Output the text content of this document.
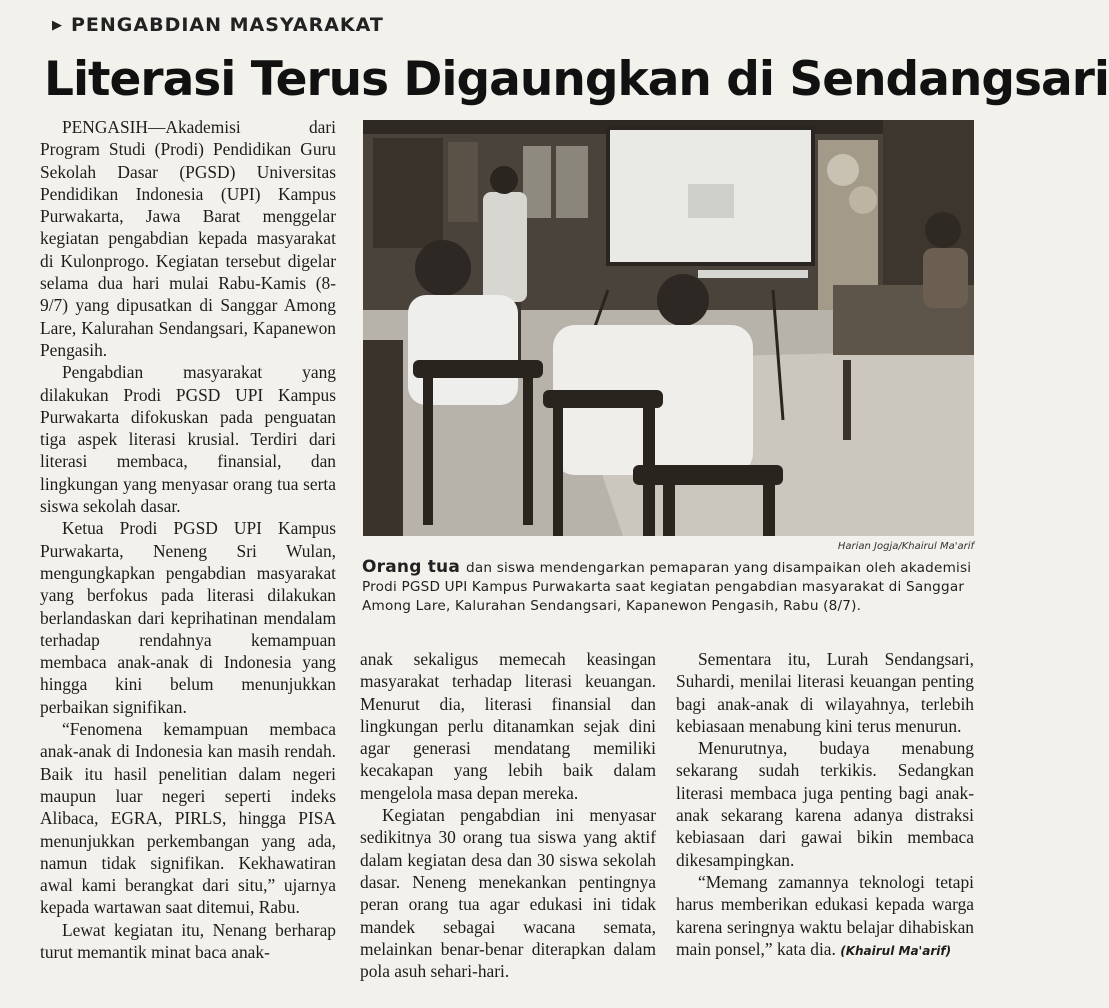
▶ PENGABDIAN MASYARAKAT
Literasi Terus Digaungkan di Sendangsari

PENGASIH—Akademisi dari Program Studi (Prodi) Pendidikan Guru Sekolah Dasar (PGSD) Universitas Pendidikan Indonesia (UPI) Kampus Purwakarta, Jawa Barat menggelar kegiatan pengabdian kepada masyarakat di Kulonprogo. Kegiatan tersebut digelar selama dua hari mulai Rabu-Kamis (8-9/7) yang dipusatkan di Sanggar Among Lare, Kalurahan Sendangsari, Kapanewon Pengasih.

Pengabdian masyarakat yang dilakukan Prodi PGSD UPI Kampus Purwakarta difokuskan pada penguatan tiga aspek literasi krusial. Terdiri dari literasi membaca, finansial, dan lingkungan yang menyasar orang tua serta siswa sekolah dasar.

Ketua Prodi PGSD UPI Kampus Purwakarta, Neneng Sri Wulan, mengungkapkan pengabdian masyarakat yang berfokus pada literasi dilakukan berlandaskan dari keprihatinan mendalam terhadap rendahnya kemampuan membaca anak-anak di Indonesia yang hingga kini belum menunjukkan perbaikan signifikan.

“Fenomena kemampuan membaca anak-anak di Indonesia kan masih rendah. Baik itu hasil penelitian dalam negeri maupun luar negeri seperti indeks Alibaca, EGRA, PIRLS, hingga PISA menunjukkan perkembangan yang ada, namun tidak signifikan. Kekhawatiran awal kami berangkat dari situ,” ujarnya kepada wartawan saat ditemui, Rabu.

Lewat kegiatan itu, Nenang berharap turut memantik minat baca anak-

Harian Jogja/Khairul Ma'arif
Orang tua dan siswa mendengarkan pemaparan yang disampaikan oleh akademisi Prodi PGSD UPI Kampus Purwakarta saat kegiatan pengabdian masyarakat di Sanggar Among Lare, Kalurahan Sendangsari, Kapanewon Pengasih, Rabu (8/7).

anak sekaligus memecah keasingan masyarakat terhadap literasi keuangan. Menurut dia, literasi finansial dan lingkungan perlu ditanamkan sejak dini agar generasi mendatang memiliki kecakapan yang lebih baik dalam mengelola masa depan mereka.

Kegiatan pengabdian ini menyasar sedikitnya 30 orang tua siswa yang aktif dalam kegiatan desa dan 30 siswa sekolah dasar. Neneng menekankan pentingnya peran orang tua agar edukasi ini tidak mandek sebagai wacana semata, melainkan benar-benar diterapkan dalam pola asuh sehari-hari.

Sementara itu, Lurah Sendangsari, Suhardi, menilai literasi keuangan penting bagi anak-anak di wilayahnya, terlebih kebiasaan menabung kini terus menurun.

Menurutnya, budaya menabung sekarang sudah terkikis. Sedangkan literasi membaca juga penting bagi anak-anak sekarang karena adanya distraksi kebiasaan dari gawai bikin membaca dikesampingkan.

“Memang zamannya teknologi tetapi harus memberikan edukasi kepada warga karena seringnya waktu belajar dihabiskan main ponsel,” kata dia. (Khairul Ma'arif)
